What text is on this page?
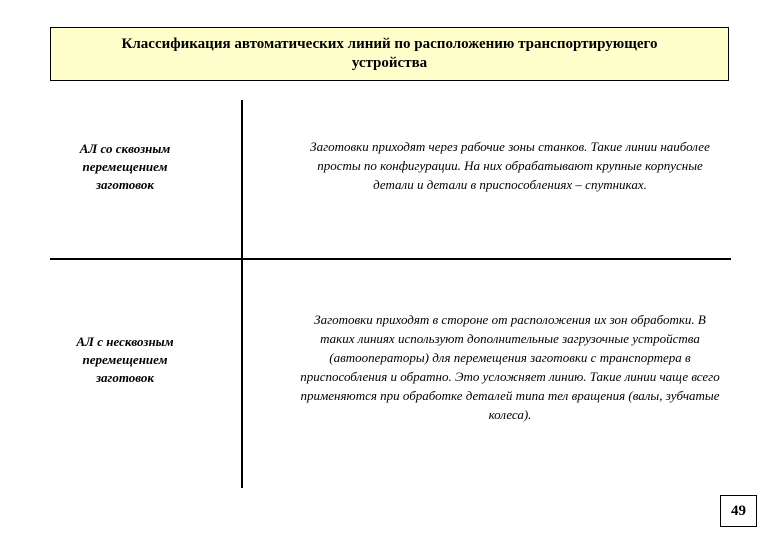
Классификация автоматических линий по расположению транспортирующего устройства
АЛ со сквозным перемещением заготовок
Заготовки приходят через рабочие зоны станков. Такие линии наиболее просты по конфигурации. На них обрабатывают крупные корпусные детали и детали в приспособлениях – спутниках.
АЛ с несквозным перемещением заготовок
Заготовки приходят в стороне от расположения их зон обработки. В таких линиях используют дополнительные загрузочные устройства (автооператоры) для перемещения заготовки с транспортера в приспособления и обратно. Это усложняет линию. Такие линии чаще всего применяются при обработке деталей типа тел вращения (валы, зубчатые колеса).
49
